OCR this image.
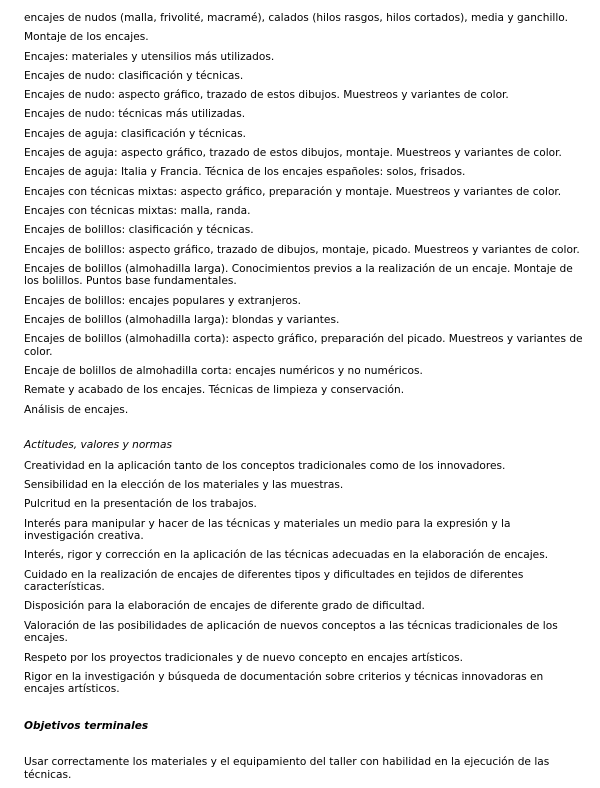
encajes de nudos (malla, frivolité, macramé), calados (hilos rasgos, hilos cortados), media y ganchillo.

Montaje de los encajes.

Encajes: materiales y utensilios más utilizados.

Encajes de nudo: clasificación y técnicas.

Encajes de nudo: aspecto gráfico, trazado de estos dibujos. Muestreos y variantes de color.

Encajes de nudo: técnicas más utilizadas.

Encajes de aguja: clasificación y técnicas.

Encajes de aguja: aspecto gráfico, trazado de estos dibujos, montaje. Muestreos y variantes de color.

Encajes de aguja: Italia y Francia. Técnica de los encajes españoles: solos, frisados.

Encajes con técnicas mixtas: aspecto gráfico, preparación y montaje. Muestreos y variantes de color.

Encajes con técnicas mixtas: malla, randa.

Encajes de bolillos: clasificación y técnicas.

Encajes de bolillos: aspecto gráfico, trazado de dibujos, montaje, picado. Muestreos y variantes de color.

Encajes de bolillos (almohadilla larga). Conocimientos previos a la realización de un encaje. Montaje de los bolillos. Puntos base fundamentales.

Encajes de bolillos: encajes populares y extranjeros.

Encajes de bolillos (almohadilla larga): blondas y variantes.

Encajes de bolillos (almohadilla corta): aspecto gráfico, preparación del picado. Muestreos y variantes de color.

Encaje de bolillos de almohadilla corta: encajes numéricos y no numéricos.

Remate y acabado de los encajes. Técnicas de limpieza y conservación.

Análisis de encajes.

Actitudes, valores y normas

Creatividad en la aplicación tanto de los conceptos tradicionales como de los innovadores.

Sensibilidad en la elección de los materiales y las muestras.

Pulcritud en la presentación de los trabajos.

Interés para manipular y hacer de las técnicas y materiales un medio para la expresión y la investigación creativa.

Interés, rigor y corrección en la aplicación de las técnicas adecuadas en la elaboración de encajes.

Cuidado en la realización de encajes de diferentes tipos y dificultades en tejidos de diferentes características.

Disposición para la elaboración de encajes de diferente grado de dificultad.

Valoración de las posibilidades de aplicación de nuevos conceptos a las técnicas tradicionales de los encajes.

Respeto por los proyectos tradicionales y de nuevo concepto en encajes artísticos.

Rigor en la investigación y búsqueda de documentación sobre criterios y técnicas innovadoras en encajes artísticos.

Objetivos terminales

Usar correctamente los materiales y el equipamiento del taller con habilidad en la ejecución de las técnicas.
